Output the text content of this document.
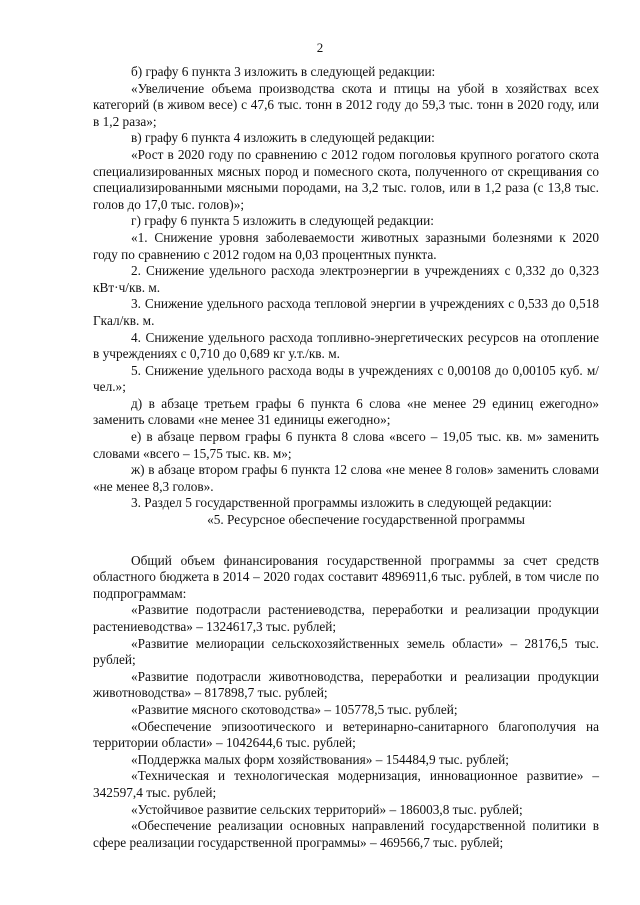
2

б) графу 6 пункта 3 изложить в следующей редакции:

«Увеличение объема производства скота и птицы на убой в хозяйствах всех категорий (в живом весе) с 47,6 тыс. тонн в 2012 году до 59,3 тыс. тонн в 2020 году, или в 1,2 раза»;

в) графу 6 пункта 4 изложить в следующей редакции:

«Рост в 2020 году по сравнению с 2012 годом поголовья крупного рогатого скота специализированных мясных пород и помесного скота, полученного от скрещивания со специализированными мясными породами, на 3,2 тыс. голов, или в 1,2 раза (с 13,8 тыс. голов до 17,0 тыс. голов)»;

г) графу 6 пункта 5 изложить в следующей редакции:

«1. Снижение уровня заболеваемости животных заразными болезнями к 2020 году по сравнению с 2012 годом на 0,03 процентных пункта.

2. Снижение удельного расхода электроэнергии в учреждениях с 0,332 до 0,323 кВт·ч/кв. м.

3. Снижение удельного расхода тепловой энергии в учреждениях с 0,533 до 0,518 Гкал/кв. м.

4. Снижение удельного расхода топливно-энергетических ресурсов на отопление в учреждениях с 0,710 до 0,689 кг у.т./кв. м.

5. Снижение удельного расхода воды в учреждениях с 0,00108 до 0,00105 куб. м/чел.»;

д) в абзаце третьем графы 6 пункта 6 слова «не менее 29 единиц ежегодно» заменить словами «не менее 31 единицы ежегодно»;

е) в абзаце первом графы 6 пункта 8 слова «всего – 19,05 тыс. кв. м» заменить словами «всего – 15,75 тыс. кв. м»;

ж) в абзаце втором графы 6 пункта 12 слова «не менее 8 голов» заменить словами «не менее 8,3 голов».

3. Раздел 5 государственной программы изложить в следующей редакции:

«5. Ресурсное обеспечение государственной программы

Общий объем финансирования государственной программы за счет средств областного бюджета в 2014 – 2020 годах составит 4896911,6 тыс. рублей, в том числе по подпрограммам:

«Развитие подотрасли растениеводства, переработки и реализации продукции растениеводства» – 1324617,3 тыс. рублей;

«Развитие мелиорации сельскохозяйственных земель области» – 28176,5 тыс. рублей;

«Развитие подотрасли животноводства, переработки и реализации продукции животноводства» – 817898,7 тыс. рублей;

«Развитие мясного скотоводства» – 105778,5 тыс. рублей;

«Обеспечение эпизоотического и ветеринарно-санитарного благополучия на территории области» – 1042644,6 тыс. рублей;

«Поддержка малых форм хозяйствования» – 154484,9 тыс. рублей;

«Техническая и технологическая модернизация, инновационное развитие» – 342597,4 тыс. рублей;

«Устойчивое развитие сельских территорий» – 186003,8 тыс. рублей;

«Обеспечение реализации основных направлений государственной политики в сфере реализации государственной программы» – 469566,7 тыс. рублей;
